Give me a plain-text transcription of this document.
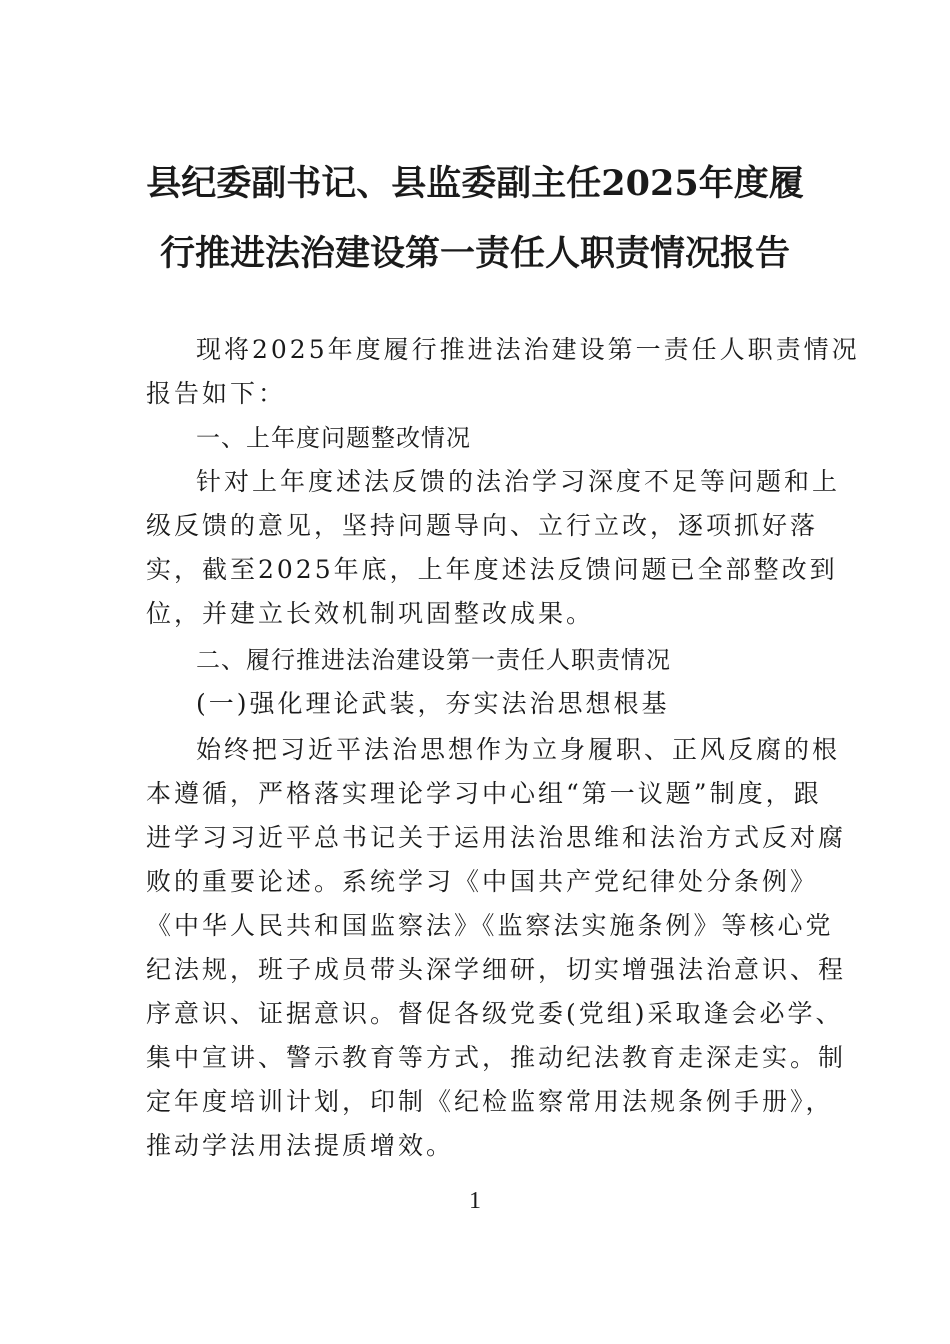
县纪委副书记、县监委副主任2025年度履
行推进法治建设第一责任人职责情况报告
现将2025年度履行推进法治建设第一责任人职责情况
报告如下：
一、上年度问题整改情况
针对上年度述法反馈的法治学习深度不足等问题和上
级反馈的意见，坚持问题导向、立行立改，逐项抓好落
实，截至2025年底，上年度述法反馈问题已全部整改到
位，并建立长效机制巩固整改成果。
二、履行推进法治建设第一责任人职责情况
(一)强化理论武装，夯实法治思想根基
始终把习近平法治思想作为立身履职、正风反腐的根
本遵循，严格落实理论学习中心组“第一议题”制度，跟
进学习习近平总书记关于运用法治思维和法治方式反对腐
败的重要论述。系统学习《中国共产党纪律处分条例》
《中华人民共和国监察法》《监察法实施条例》等核心党
纪法规，班子成员带头深学细研，切实增强法治意识、程
序意识、证据意识。督促各级党委(党组)采取逢会必学、
集中宣讲、警示教育等方式，推动纪法教育走深走实。制
定年度培训计划，印制《纪检监察常用法规条例手册》，
推动学法用法提质增效。
1
